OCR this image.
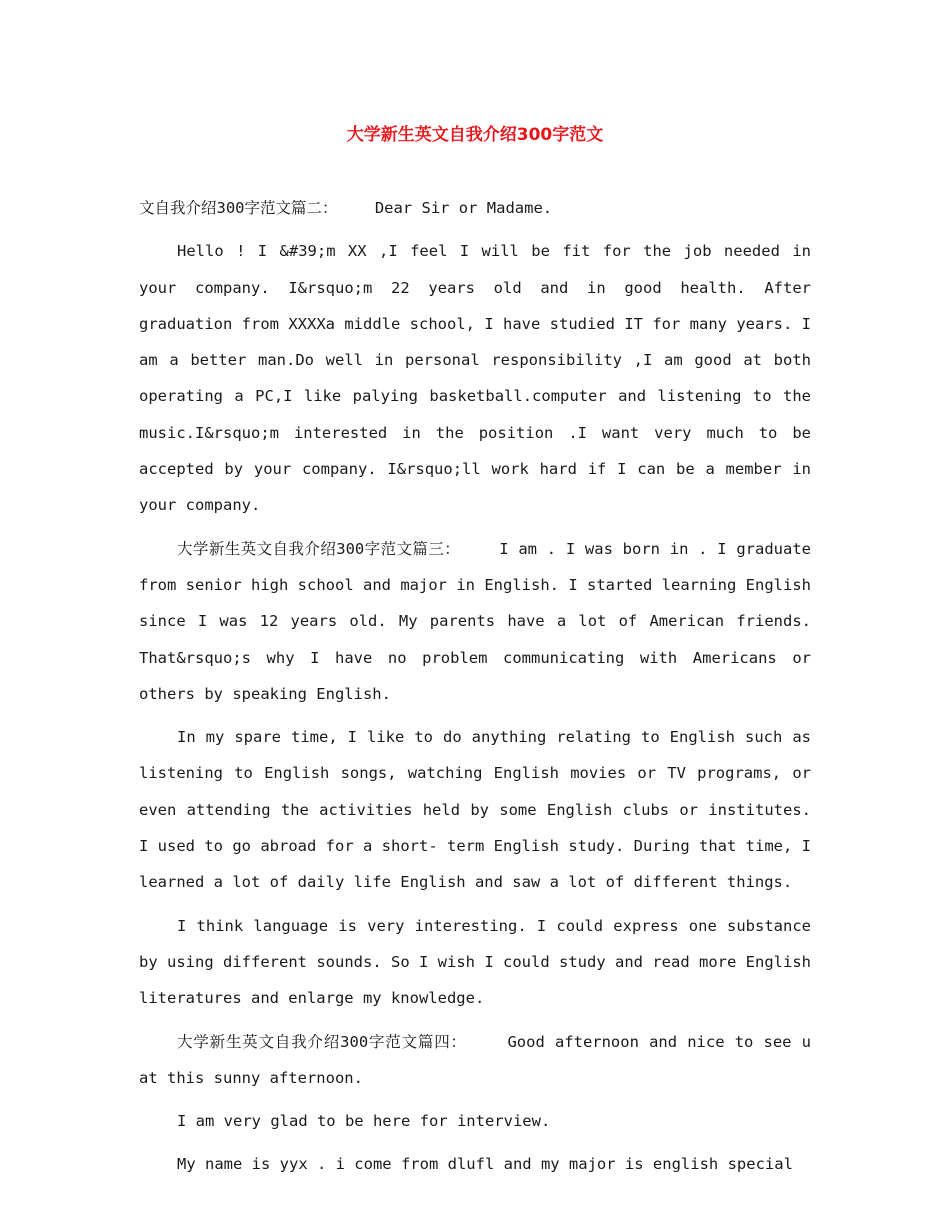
大学新生英文自我介绍300字范文

文自我介绍300字范文篇二：    Dear Sir or Madame.

Hello ! I &#39;m XX ,I feel I will be fit for the job needed in your company. I&rsquo;m 22 years old and in good health. After graduation from XXXXa middle school, I have studied IT for many years. I am a better man.Do well in personal responsibility ,I am good at both operating a PC,I like palying basketball.computer and listening to the music.I&rsquo;m interested in the position .I want very much to be accepted by your company. I&rsquo;ll work hard if I can be a member in your company.

大学新生英文自我介绍300字范文篇三：    I am . I was born in . I graduate from senior high school and major in English. I started learning English since I was 12 years old. My parents have a lot of American friends. That&rsquo;s why I have no problem communicating with Americans or others by speaking English.

In my spare time, I like to do anything relating to English such as listening to English songs, watching English movies or TV programs, or even attending the activities held by some English clubs or institutes. I used to go abroad for a short- term English study. During that time, I learned a lot of daily life English and saw a lot of different things.

I think language is very interesting. I could express one substance by using different sounds. So I wish I could study and read more English literatures and enlarge my knowledge.

大学新生英文自我介绍300字范文篇四：    Good afternoon and nice to see u at this sunny afternoon.

I am very glad to be here for interview.

My name is yyx . i come from dlufl and my major is english special
